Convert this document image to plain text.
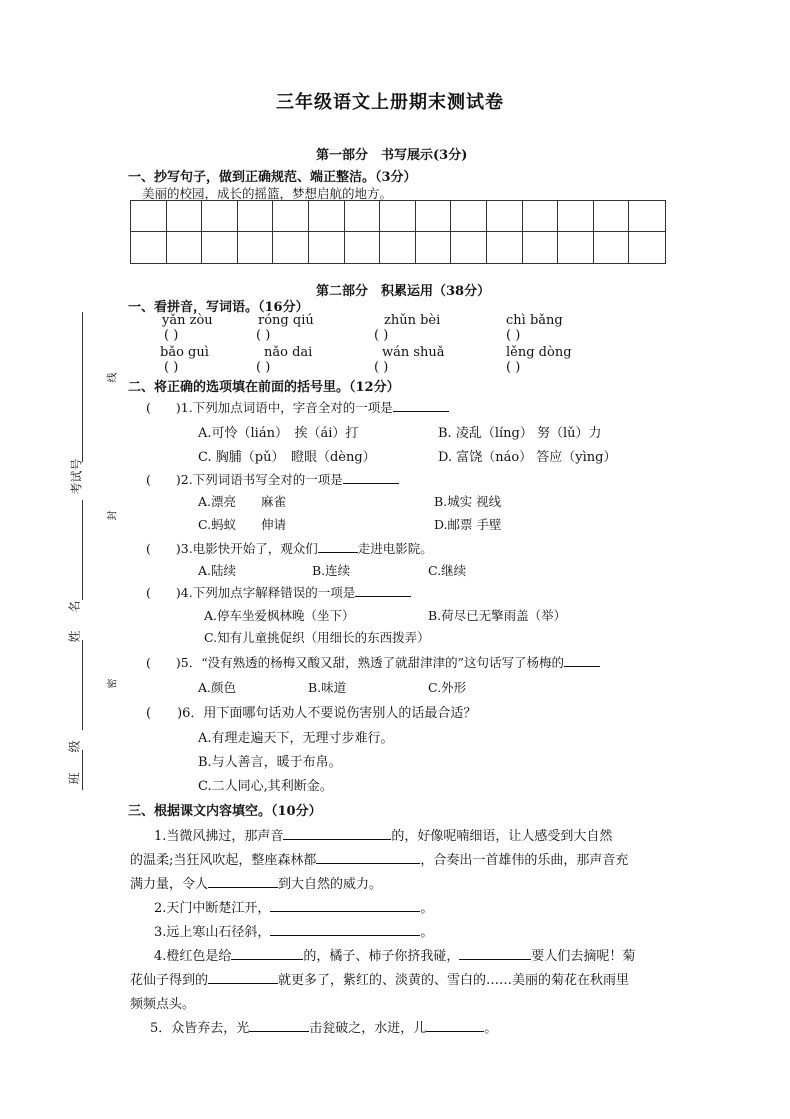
三年级语文上册期末测试卷
第一部分　书写展示(3分)
一、抄写句子，做到正确规范、端正整洁。（3分）
美丽的校园，成长的摇篮，梦想启航的地方。
第二部分　积累运用（38分）
一、看拼音，写词语。（16分）
yǎn zòu	róng qiú	zhǔn bèi	chì bǎng
( )	( )	( )	( )
bǎo guì	nǎo dai	wán shuǎ	lěng dòng
( )	( )	( )	( )
二、将正确的选项填在前面的括号里。（12分）
(　　)1.下列加点词语中，字音全对的一项是
A.可怜（lián）　挨（ái）打	B. 凌乱（líng） 努（lǔ）力
C. 胸脯（pǔ）　瞪眼（dèng）	D. 富饶（náo） 答应（yìng）
(　　)2.下列词语书写全对的一项是
A.漂亮　　麻雀	B.城实 视线
C.蚂蚁　　伸请	D.邮票 手壁
(　　)3.电影快开始了，观众们	走进电影院。
A.陆续	B.连续	C.继续
(　　)4.下列加点字解释错误的一项是
A.停车坐爱枫林晚（坐下）	B.荷尽已无擎雨盖（举）
C.知有儿童挑促织（用细长的东西拨弄）
(　　)5．“没有熟透的杨梅又酸又甜，熟透了就甜津津的”这句话写了杨梅的
A.颜色	B.味道	C.外形
(　　)6．用下面哪句话劝人不要说伤害别人的话最合适？
A.有理走遍天下，无理寸步难行。
B.与人善言，暖于布帛。
C.二人同心,其利断金。
三、根据课文内容填空。（10分）
1.当微风拂过，那声音	的，好像呢喃细语，让人感受到大自然
的温柔;当狂风吹起，整座森林都	，合奏出一首雄伟的乐曲，那声音充
满力量，令人	到大自然的威力。
2.天门中断楚江开，	。
3.远上寒山石径斜，	。
4.橙红色是给	的，橘子、柿子你挤我碰，	要人们去摘呢！菊
花仙子得到的	就更多了，紫红的、淡黄的、雪白的……美丽的菊花在秋雨里
频频点头。
5．众皆弃去，光	击瓮破之，水迸，儿	。
考试号
姓
名
班
级
线
封
密
